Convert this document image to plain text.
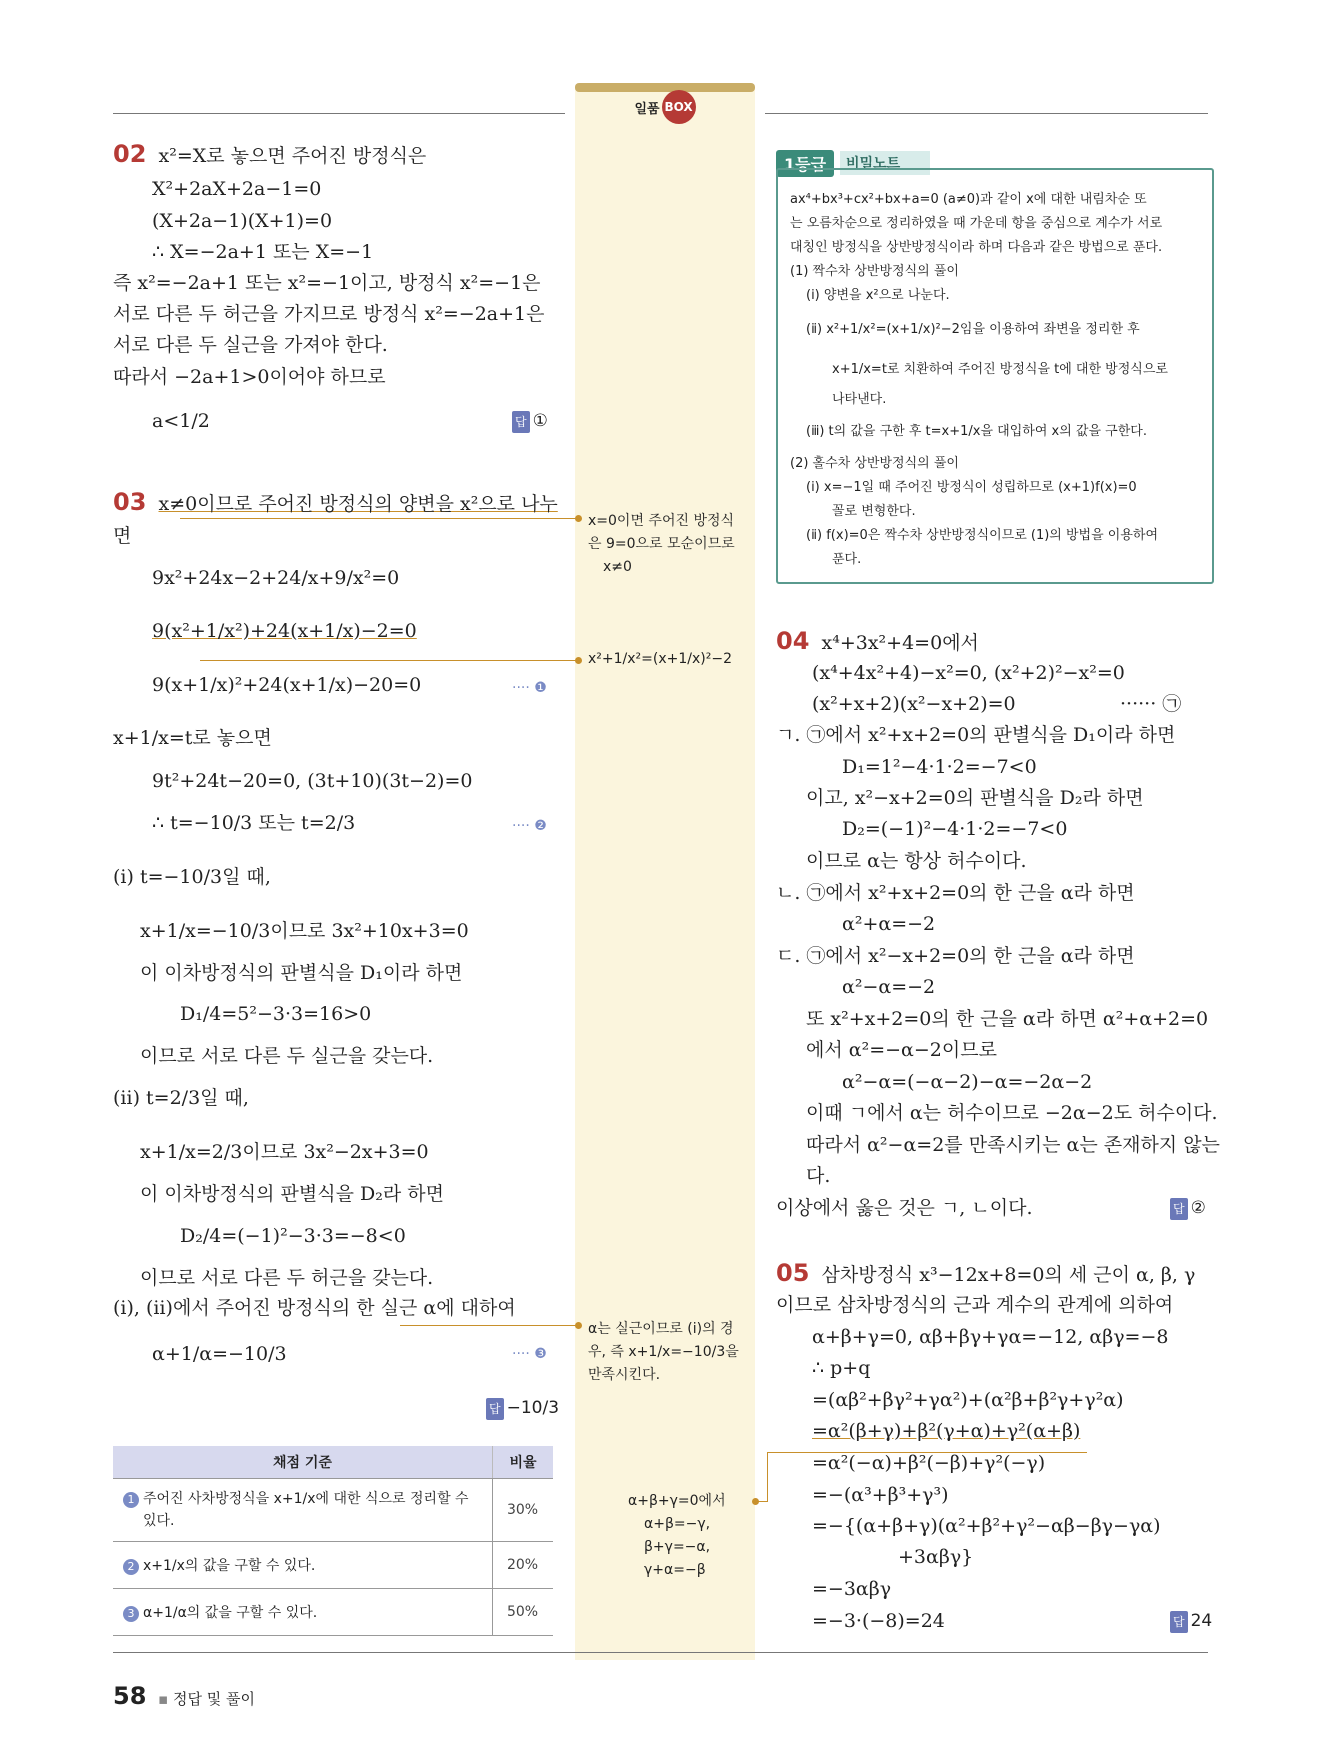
일품 BOX
02 x²=X로 놓으면 주어진 방정식은
X²+2aX+2a−1=0
(X+2a−1)(X+1)=0
∴ X=−2a+1 또는 X=−1
즉 x²=−2a+1 또는 x²=−1이고, 방정식 x²=−1은
서로 다른 두 허근을 가지므로 방정식 x²=−2a+1은
서로 다른 두 실근을 가져야 한다.
따라서 −2a+1>0이어야 하므로
a<1/2	답 ①
03 x≠0이므로 주어진 방정식의 양변을 x²으로 나누
면
9x²+24x−2+24/x+9/x²=0
9(x²+1/x²)+24(x+1/x)−2=0
9(x+1/x)²+24(x+1/x)−20=0	···· ❶
x+1/x=t로 놓으면
9t²+24t−20=0, (3t+10)(3t−2)=0
∴ t=−10/3 또는 t=2/3	···· ❷
(ⅰ) t=−10/3일 때,
x+1/x=−10/3이므로 3x²+10x+3=0
이 이차방정식의 판별식을 D₁이라 하면
D₁/4=5²−3·3=16>0
이므로 서로 다른 두 실근을 갖는다.
(ⅱ) t=2/3일 때,
x+1/x=2/3이므로 3x²−2x+3=0
이 이차방정식의 판별식을 D₂라 하면
D₂/4=(−1)²−3·3=−8<0
이므로 서로 다른 두 허근을 갖는다.
(ⅰ), (ⅱ)에서 주어진 방정식의 한 실근 α에 대하여
α+1/α=−10/3	···· ❸
답 −10/3
x=0이면 주어진 방정식
은 9=0으로 모순이므로
x≠0
x²+1/x²=(x+1/x)²−2
α는 실근이므로 (ⅰ)의 경
우, 즉 x+1/x=−10/3을
만족시킨다.
α+β+γ=0에서
α+β=−γ,
β+γ=−α,
γ+α=−β
채점 기준	비율
1 주어진 사차방정식을 x+1/x에 대한 식으로 정리할 수
있다.	30%
2 x+1/x의 값을 구할 수 있다.	20%
3 α+1/α의 값을 구할 수 있다.	50%
1등급	비밀노트
ax⁴+bx³+cx²+bx+a=0 (a≠0)과 같이 x에 대한 내림차순 또
는 오름차순으로 정리하였을 때 가운데 항을 중심으로 계수가 서로
대칭인 방정식을 상반방정식이라 하며 다음과 같은 방법으로 푼다.
(1) 짝수차 상반방정식의 풀이
(ⅰ) 양변을 x²으로 나눈다.
(ⅱ) x²+1/x²=(x+1/x)²−2임을 이용하여 좌변을 정리한 후
x+1/x=t로 치환하여 주어진 방정식을 t에 대한 방정식으로
나타낸다.
(ⅲ) t의 값을 구한 후 t=x+1/x을 대입하여 x의 값을 구한다.
(2) 홀수차 상반방정식의 풀이
(ⅰ) x=−1일 때 주어진 방정식이 성립하므로 (x+1)f(x)=0
꼴로 변형한다.
(ⅱ) f(x)=0은 짝수차 상반방정식이므로 (1)의 방법을 이용하여
푼다.
04 x⁴+3x²+4=0에서
(x⁴+4x²+4)−x²=0, (x²+2)²−x²=0
(x²+x+2)(x²−x+2)=0	······ ㉠
ㄱ. ㉠에서 x²+x+2=0의 판별식을 D₁이라 하면
D₁=1²−4·1·2=−7<0
이고, x²−x+2=0의 판별식을 D₂라 하면
D₂=(−1)²−4·1·2=−7<0
이므로 α는 항상 허수이다.
ㄴ. ㉠에서 x²+x+2=0의 한 근을 α라 하면
α²+α=−2
ㄷ. ㉠에서 x²−x+2=0의 한 근을 α라 하면
α²−α=−2
또 x²+x+2=0의 한 근을 α라 하면 α²+α+2=0
에서 α²=−α−2이므로
α²−α=(−α−2)−α=−2α−2
이때 ㄱ에서 α는 허수이므로 −2α−2도 허수이다.
따라서 α²−α=2를 만족시키는 α는 존재하지 않는
다.
이상에서 옳은 것은 ㄱ, ㄴ이다.	답 ②
05 삼차방정식 x³−12x+8=0의 세 근이 α, β, γ
이므로 삼차방정식의 근과 계수의 관계에 의하여
α+β+γ=0, αβ+βγ+γα=−12, αβγ=−8
∴ p+q
=(αβ²+βγ²+γα²)+(α²β+β²γ+γ²α)
=α²(β+γ)+β²(γ+α)+γ²(α+β)
=α²(−α)+β²(−β)+γ²(−γ)
=−(α³+β³+γ³)
=−{(α+β+γ)(α²+β²+γ²−αβ−βγ−γα)
+3αβγ}
=−3αβγ
=−3·(−8)=24	답 24
58 ▪ 정답 및 풀이
